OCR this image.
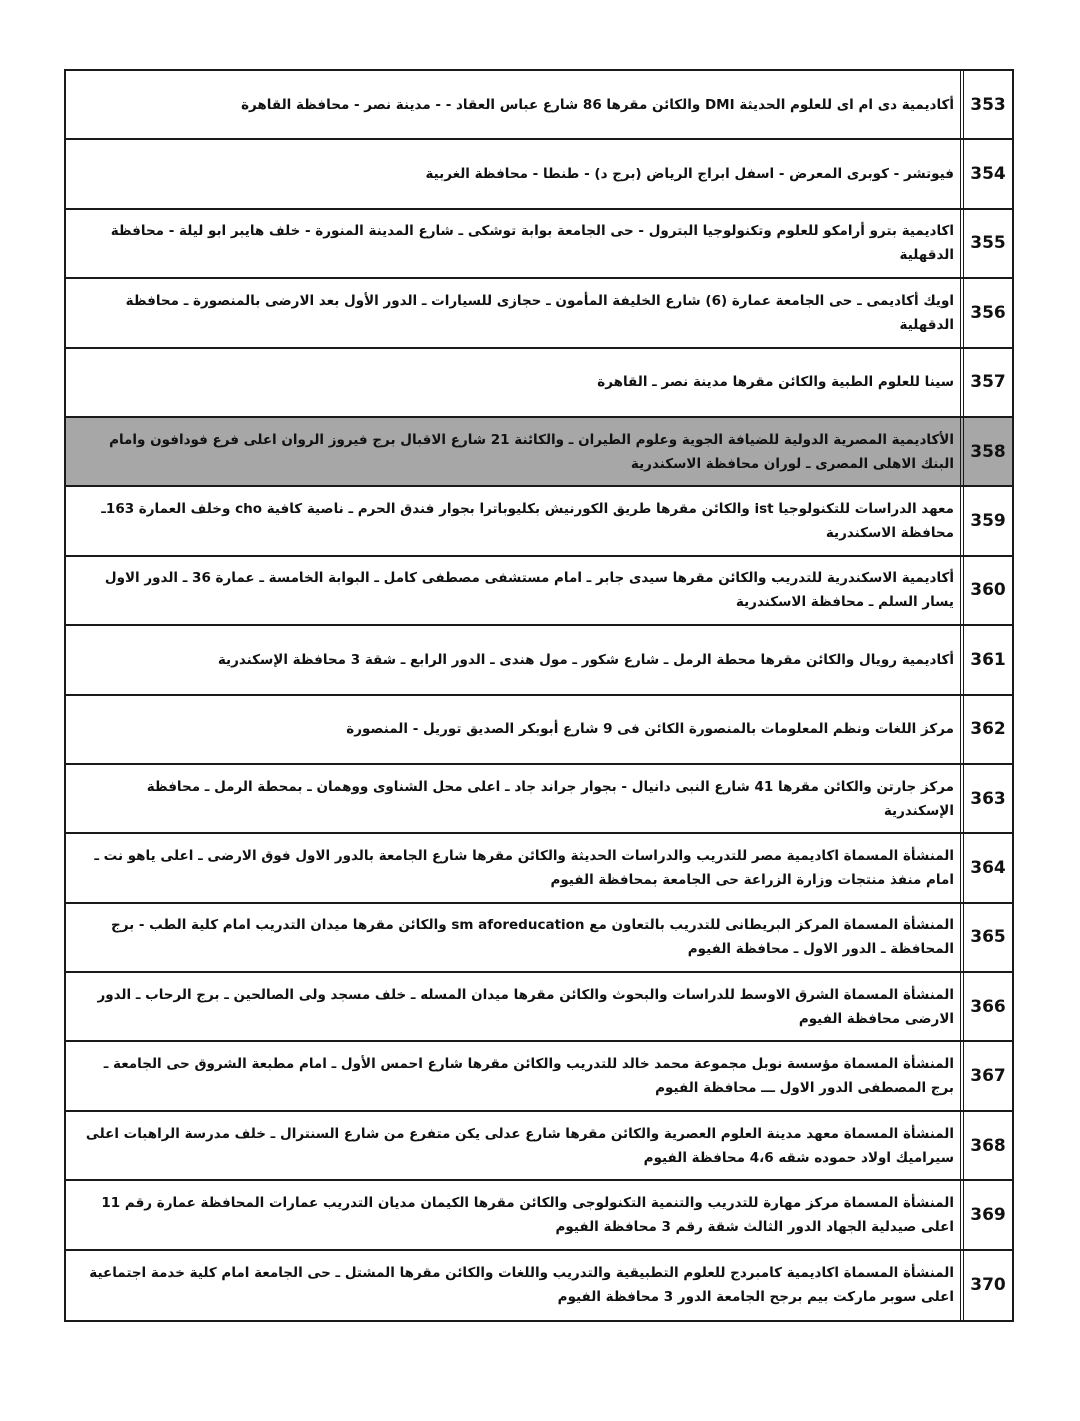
353
أكاديمية دى ام اى للعلوم الحديثة DMI والكائن مقرها 86 شارع عباس العقاد - - مدينة نصر - محافظة القاهرة
354
فيوتشر - كوبرى المعرض - اسفل ابراج الرياض (برج د) - طنطا - محافظة الغربية
355
اكاديمية بترو أرامكو للعلوم وتكنولوجيا البترول - حى الجامعة بوابة توشكى ـ شارع المدينة المنورة - خلف هايبر ابو ليلة - محافظة الدقهلية
356
اويك أكاديمى ـ حى الجامعة عمارة (6) شارع الخليفة المأمون ـ حجازى للسيارات ـ الدور الأول بعد الارضى بالمنصورة ـ محافظة الدقهلية
357
سينا للعلوم الطبية والكائن مقرها مدينة نصر ـ القاهرة
358
الأكاديمية المصرية الدولية للضيافة الجوية وعلوم الطيران ـ والكائنة 21 شارع الاقبال برج فيروز الروان اعلى فرع فودافون وامام البنك الاهلى المصرى ـ لوران محافظة الاسكندرية
359
معهد الدراسات للتكنولوجيا ist والكائن مقرها طريق الكورنيش بكليوباترا بجوار فندق الحرم ـ ناصية كافية cho وخلف العمارة 163ـ محافظة الاسكندرية
360
أكاديمية الاسكندرية للتدريب والكائن مقرها سيدى جابر ـ امام مستشفى مصطفى كامل ـ البوابة الخامسة ـ عمارة 36 ـ الدور الاول يسار السلم ـ محافظة الاسكندرية
361
أكاديمية رويال والكائن مقرها محطة الرمل ـ شارع شكور ـ مول هندى ـ الدور الرابع ـ شقة 3 محافظة الإسكندرية
362
مركز اللغات ونظم المعلومات بالمنصورة الكائن فى 9 شارع أبوبكر الصديق توريل - المنصورة
363
مركز جارتن والكائن مقرها 41 شارع النبى دانيال - بجوار جراند جاد ـ اعلى محل الشناوى ووهمان ـ بمحطة الرمل ـ محافظة الإسكندرية
364
المنشأة المسماة اكاديمية مصر للتدريب والدراسات الحديثة والكائن مقرها شارع الجامعة بالدور الاول فوق الارضى ـ اعلى ياهو نت ـ امام منفذ منتجات وزارة الزراعة حى الجامعة بمحافظة الفيوم
365
المنشأة المسماة المركز البريطانى للتدريب بالتعاون مع sm aforeducation والكائن مقرها ميدان التدريب امام كلية الطب - برج المحافظة ـ الدور الاول ـ محافظة الفيوم
366
المنشأة المسماة الشرق الاوسط للدراسات والبحوث والكائن مقرها ميدان المسله ـ خلف مسجد ولى الصالحين ـ برج الرحاب ـ الدور الارضى محافظة الفيوم
367
المنشأة المسماة مؤسسة نوبل مجموعة محمد خالد للتدريب والكائن مقرها شارع احمس الأول ـ امام مطبعة الشروق حى الجامعة ـ برج المصطفى الدور الاول ـــ محافظة الفيوم
368
المنشأة المسماة معهد مدينة العلوم العصرية والكائن مقرها شارع عدلى يكن متفرع من شارع السنترال ـ خلف مدرسة الراهبات اعلى سيراميك اولاد حموده شقه 4،6 محافظة الفيوم
369
المنشأة المسماة مركز مهارة للتدريب والتنمية التكنولوجى والكائن مقرها الكيمان مديان التدريب عمارات المحافظة عمارة رقم 11 اعلى صيدلية الجهاد الدور الثالث شقة رقم 3 محافظة الفيوم
370
المنشأة المسماة اكاديمية كامبردج للعلوم التطبيقية والتدريب واللغات والكائن مقرها المشتل ـ حى الجامعة امام كلية خدمة اجتماعية اعلى سوبر ماركت بيم برجح الجامعة الدور 3 محافظة الفيوم
